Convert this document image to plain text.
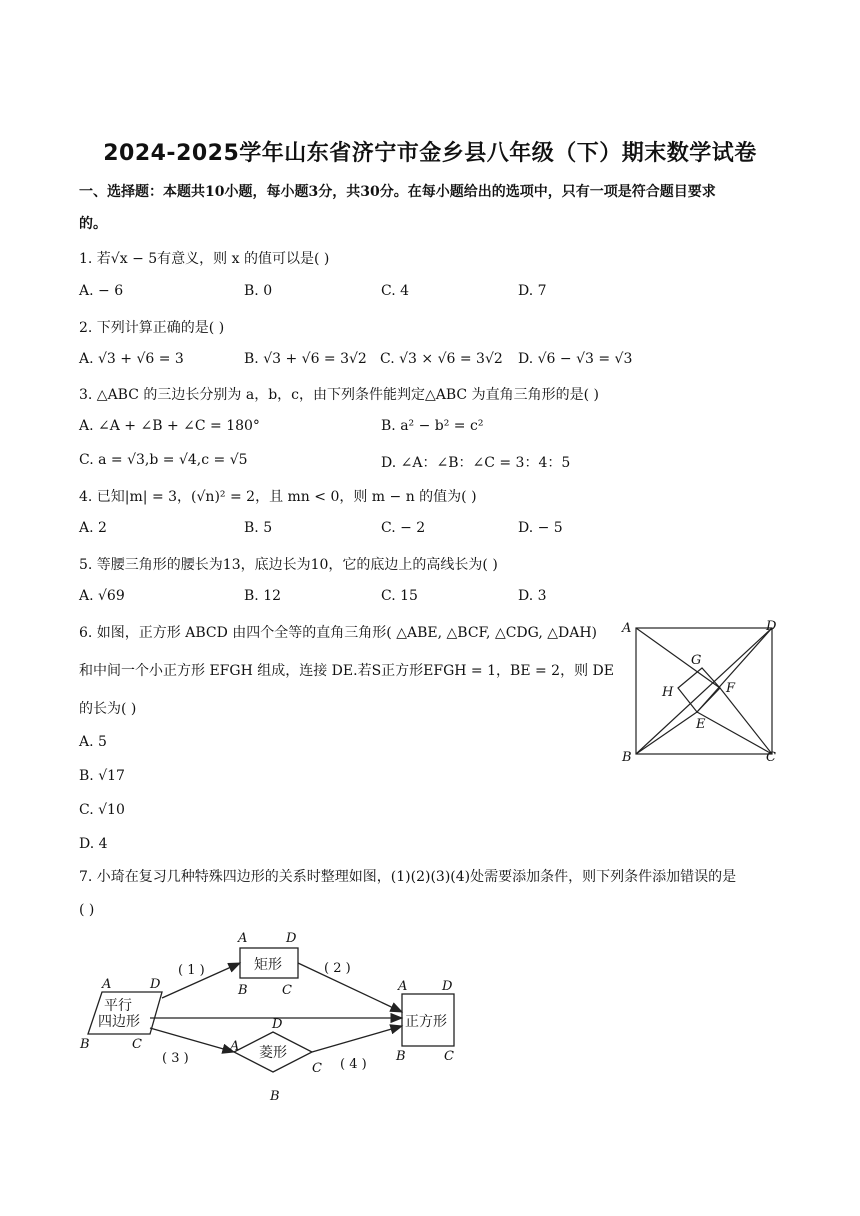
2024-2025学年山东省济宁市金乡县八年级（下）期末数学试卷
一、选择题：本题共10小题，每小题3分，共30分。在每小题给出的选项中，只有一项是符合题目要求
的。
1. 若√x − 5有意义，则 x 的值可以是( )
A. − 6	B. 0	C. 4	D. 7
2. 下列计算正确的是( )
A. √3 + √6 = 3	B. √3 + √6 = 3√2 C. √3 × √6 = 3√2 D. √6 − √3 = √3
3. △ABC 的三边长分别为 a，b，c，由下列条件能判定△ABC 为直角三角形的是( )
A. ∠A + ∠B + ∠C = 180°	B. a² − b² = c²
C. a = √3,b = √4,c = √5	D. ∠A：∠B：∠C = 3：4：5
4. 已知|m| = 3，(√n)² = 2，且 mn < 0，则 m − n 的值为( )
A. 2	B. 5	C. − 2	D. − 5
5. 等腰三角形的腰长为13，底边长为10，它的底边上的高线长为( )
A. √69	B. 12	C. 15	D. 3
6. 如图，正方形 ABCD 由四个全等的直角三角形( △ABE, △BCF, △CDG, △DAH)
和中间一个小正方形 EFGH 组成，连接 DE.若S正方形EFGH = 1，BE = 2，则 DE
的长为( )
A. 5
B. √17
C. √10
D. 4
A	D
B	C
G
H	F
E
7. 小琦在复习几种特殊四边形的关系时整理如图，(1)(2)(3)(4)处需要添加条件，则下列条件添加错误的是
( )
平行
四边形
矩形
菱形
正方形
( 1 )	( 2 )
( 3 )	( 4 )
A	D
B	C
A	D
B	C
D
A
C
B
A	D
B	C
